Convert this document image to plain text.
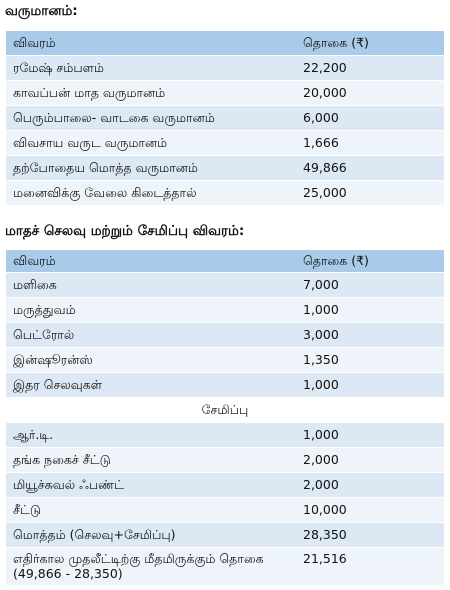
வருமானம்:
விவரம்	தொகை (₹)
ரமேஷ் சம்பளம்	22,200
காவப்பன் மாத வருமானம்	20,000
பெரும்பாலை- வாடகை வருமானம்	6,000
விவசாய வருட வருமானம்	1,666
தற்போதைய மொத்த வருமானம்	49,866
மனைவிக்கு வேலை கிடைத்தால்	25,000
மாதச் செலவு மற்றும் சேமிப்பு விவரம்:
விவரம்	தொகை (₹)
மளிகை	7,000
மருத்துவம்	1,000
பெட்ரோல்	3,000
இன்ஷூரன்ஸ்	1,350
இதர செலவுகள்	1,000
சேமிப்பு	
ஆர்.டி.	1,000
தங்க நகைச் சீட்டு	2,000
மியூச்சுவல் ஃபண்ட்	2,000
சீட்டு	10,000
மொத்தம் (செலவு+சேமிப்பு)	28,350
எதிர்கால முதலீட்டிற்கு மீதமிருக்கும் தொகை (49,866 - 28,350)	21,516
